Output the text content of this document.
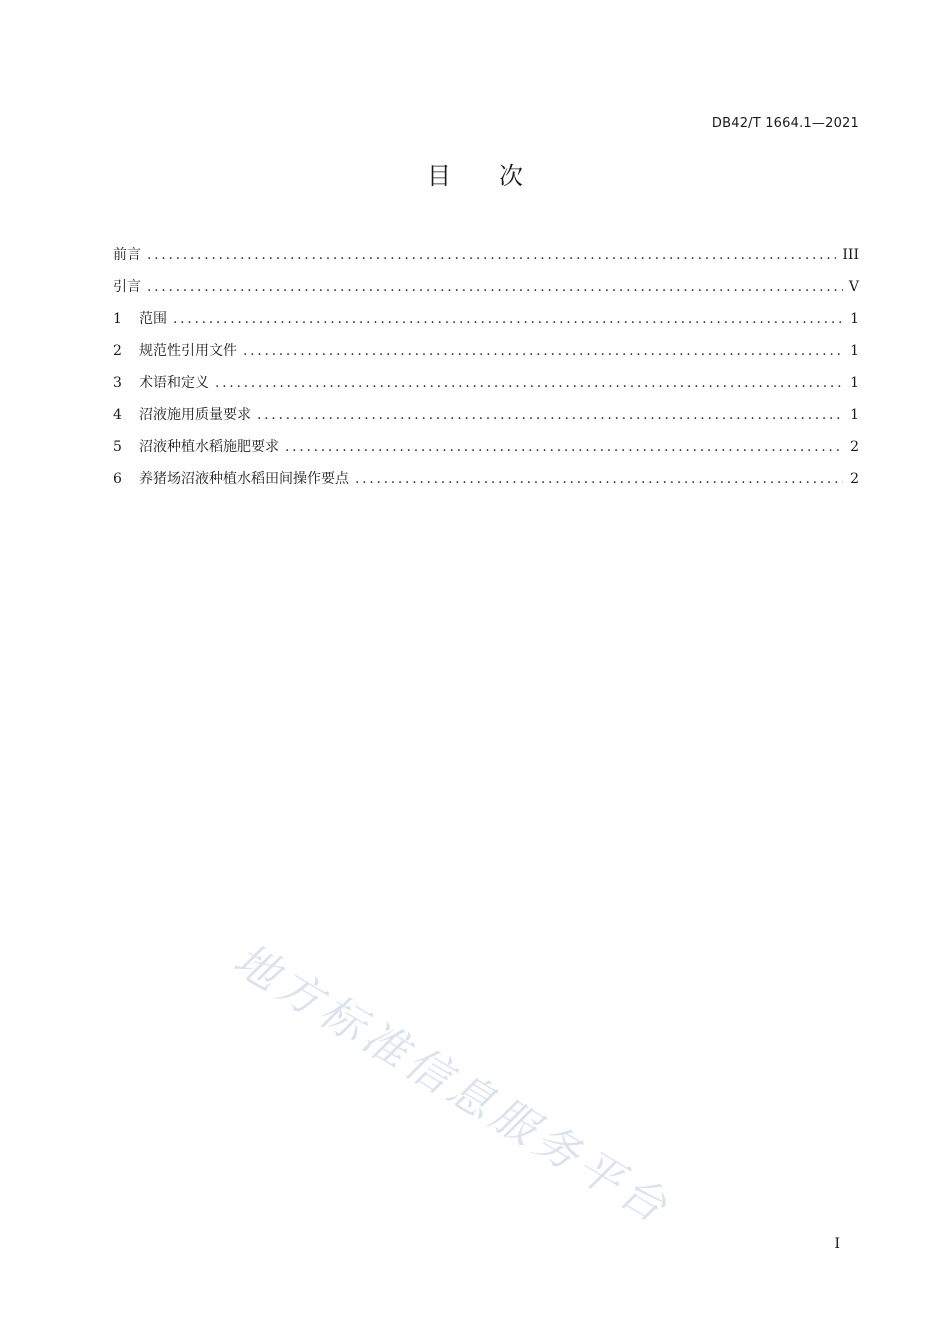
DB42/T 1664.1—2021
目次
前言 .....	III
引言 .....	V
1	范围 .....	1
2	规范性引用文件 .....	1
3	术语和定义 .....	1
4	沼液施用质量要求 .....	1
5	沼液种植水稻施肥要求 .....	2
6	养猪场沼液种植水稻田间操作要点 .....	2
地方标准信息服务平台
I
